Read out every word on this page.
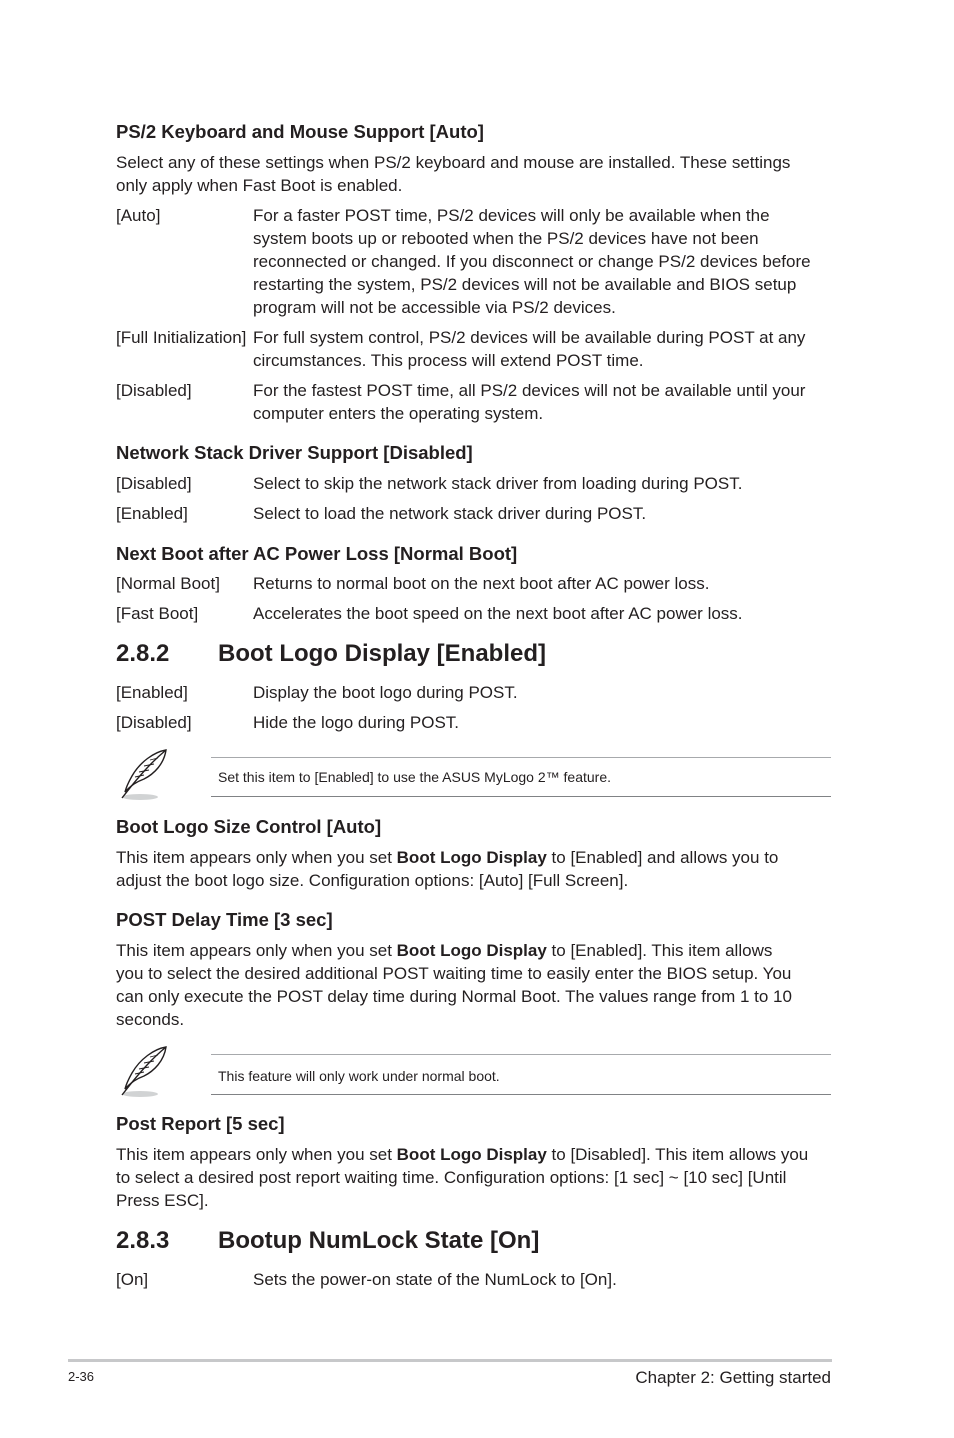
PS/2 Keyboard and Mouse Support [Auto]
Select any of these settings when PS/2 keyboard and mouse are installed. These settings
only apply when Fast Boot is enabled.
[Auto]	For a faster POST time, PS/2 devices will only be available when the
system boots up or rebooted when the PS/2 devices have not been
reconnected or changed. If you disconnect or change PS/2 devices before
restarting the system, PS/2 devices will not be available and BIOS setup
program will not be accessible via PS/2 devices.
[Full Initialization] For full system control, PS/2 devices will be available during POST at any
circumstances. This process will extend POST time.
[Disabled]	For the fastest POST time, all PS/2 devices will not be available until your
computer enters the operating system.
Network Stack Driver Support [Disabled]
[Disabled]	Select to skip the network stack driver from loading during POST.
[Enabled]	Select to load the network stack driver during POST.
Next Boot after AC Power Loss [Normal Boot]
[Normal Boot] Returns to normal boot on the next boot after AC power loss.
[Fast Boot]	Accelerates the boot speed on the next boot after AC power loss.
2.8.2 Boot Logo Display [Enabled]
[Enabled]	Display the boot logo during POST.
[Disabled]	Hide the logo during POST.
Set this item to [Enabled] to use the ASUS MyLogo 2™ feature.
Boot Logo Size Control [Auto]
This item appears only when you set Boot Logo Display to [Enabled] and allows you to
adjust the boot logo size. Configuration options: [Auto] [Full Screen].
POST Delay Time [3 sec]
This item appears only when you set Boot Logo Display to [Enabled]. This item allows
you to select the desired additional POST waiting time to easily enter the BIOS setup. You
can only execute the POST delay time during Normal Boot. The values range from 1 to 10
seconds.
This feature will only work under normal boot.
Post Report [5 sec]
This item appears only when you set Boot Logo Display to [Disabled]. This item allows you
to select a desired post report waiting time. Configuration options: [1 sec] ~ [10 sec] [Until
Press ESC].
2.8.3 Bootup NumLock State [On]
[On]	Sets the power-on state of the NumLock to [On].
2-36	Chapter 2: Getting started
